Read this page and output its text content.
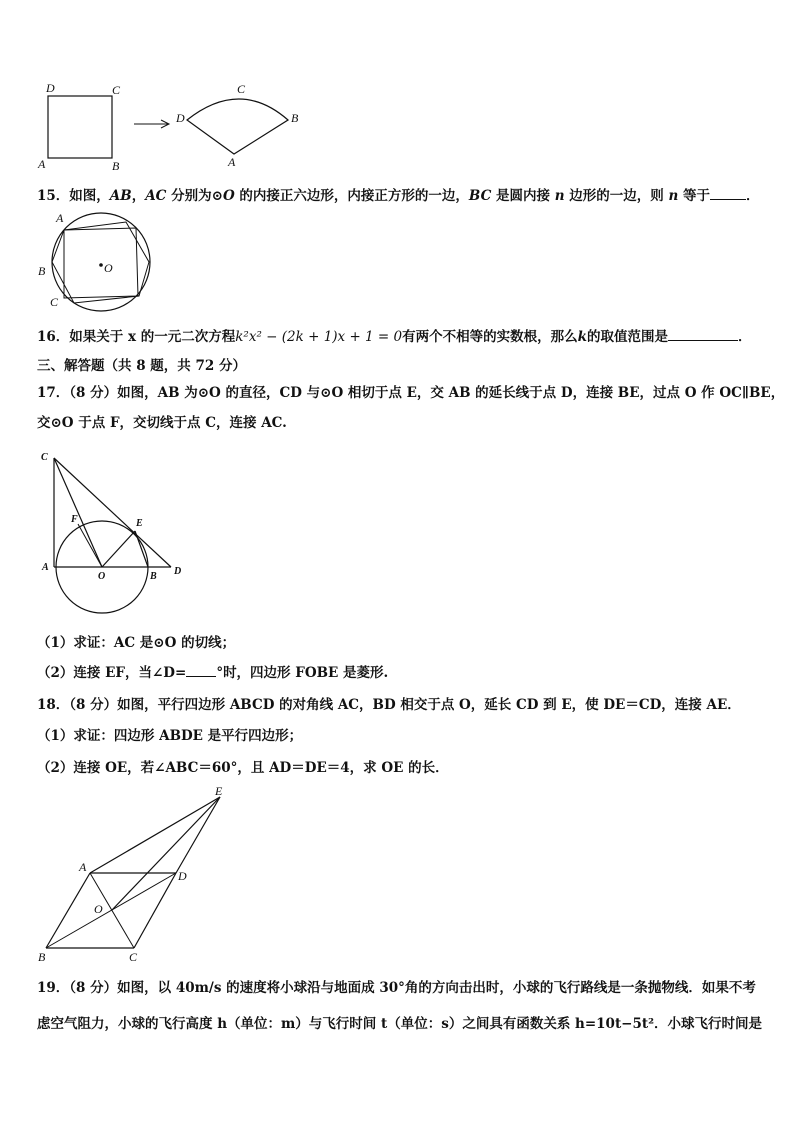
D	C
A	B
D
C
B
A
15．如图，AB，AC 分别为⊙O 的内接正六边形，内接正方形的一边，BC 是圆内接 n 边形的一边，则 n 等于	．
A
B
C
O
16．如果关于 x 的一元二次方程k²x² − (2k + 1)x + 1 = 0有两个不相等的实数根，那么k的取值范围是	．
三、解答题（共 8 题，共 72 分）
17．（8 分）如图，AB 为⊙O 的直径，CD 与⊙O 相切于点 E，交 AB 的延长线于点 D，连接 BE，过点 O 作 OC∥BE，
交⊙O 于点 F，交切线于点 C，连接 AC.
C
F	E
A
O	B D
（1）求证：AC 是⊙O 的切线；
（2）连接 EF，当∠D= °时，四边形 FOBE 是菱形.
18．（8 分）如图，平行四边形 ABCD 的对角线 AC，BD 相交于点 O，延长 CD 到 E，使 DE＝CD，连接 AE．
（1）求证：四边形 ABDE 是平行四边形；
（2）连接 OE，若∠ABC＝60°，且 AD＝DE＝4，求 OE 的长．
E
A
D
O
B	C
19．（8 分）如图，以 40m/s 的速度将小球沿与地面成 30°角的方向击出时，小球的飞行路线是一条抛物线．如果不考
虑空气阻力，小球的飞行高度 h（单位：m）与飞行时间 t（单位：s）之间具有函数关系 h=10t−5t²．小球飞行时间是
